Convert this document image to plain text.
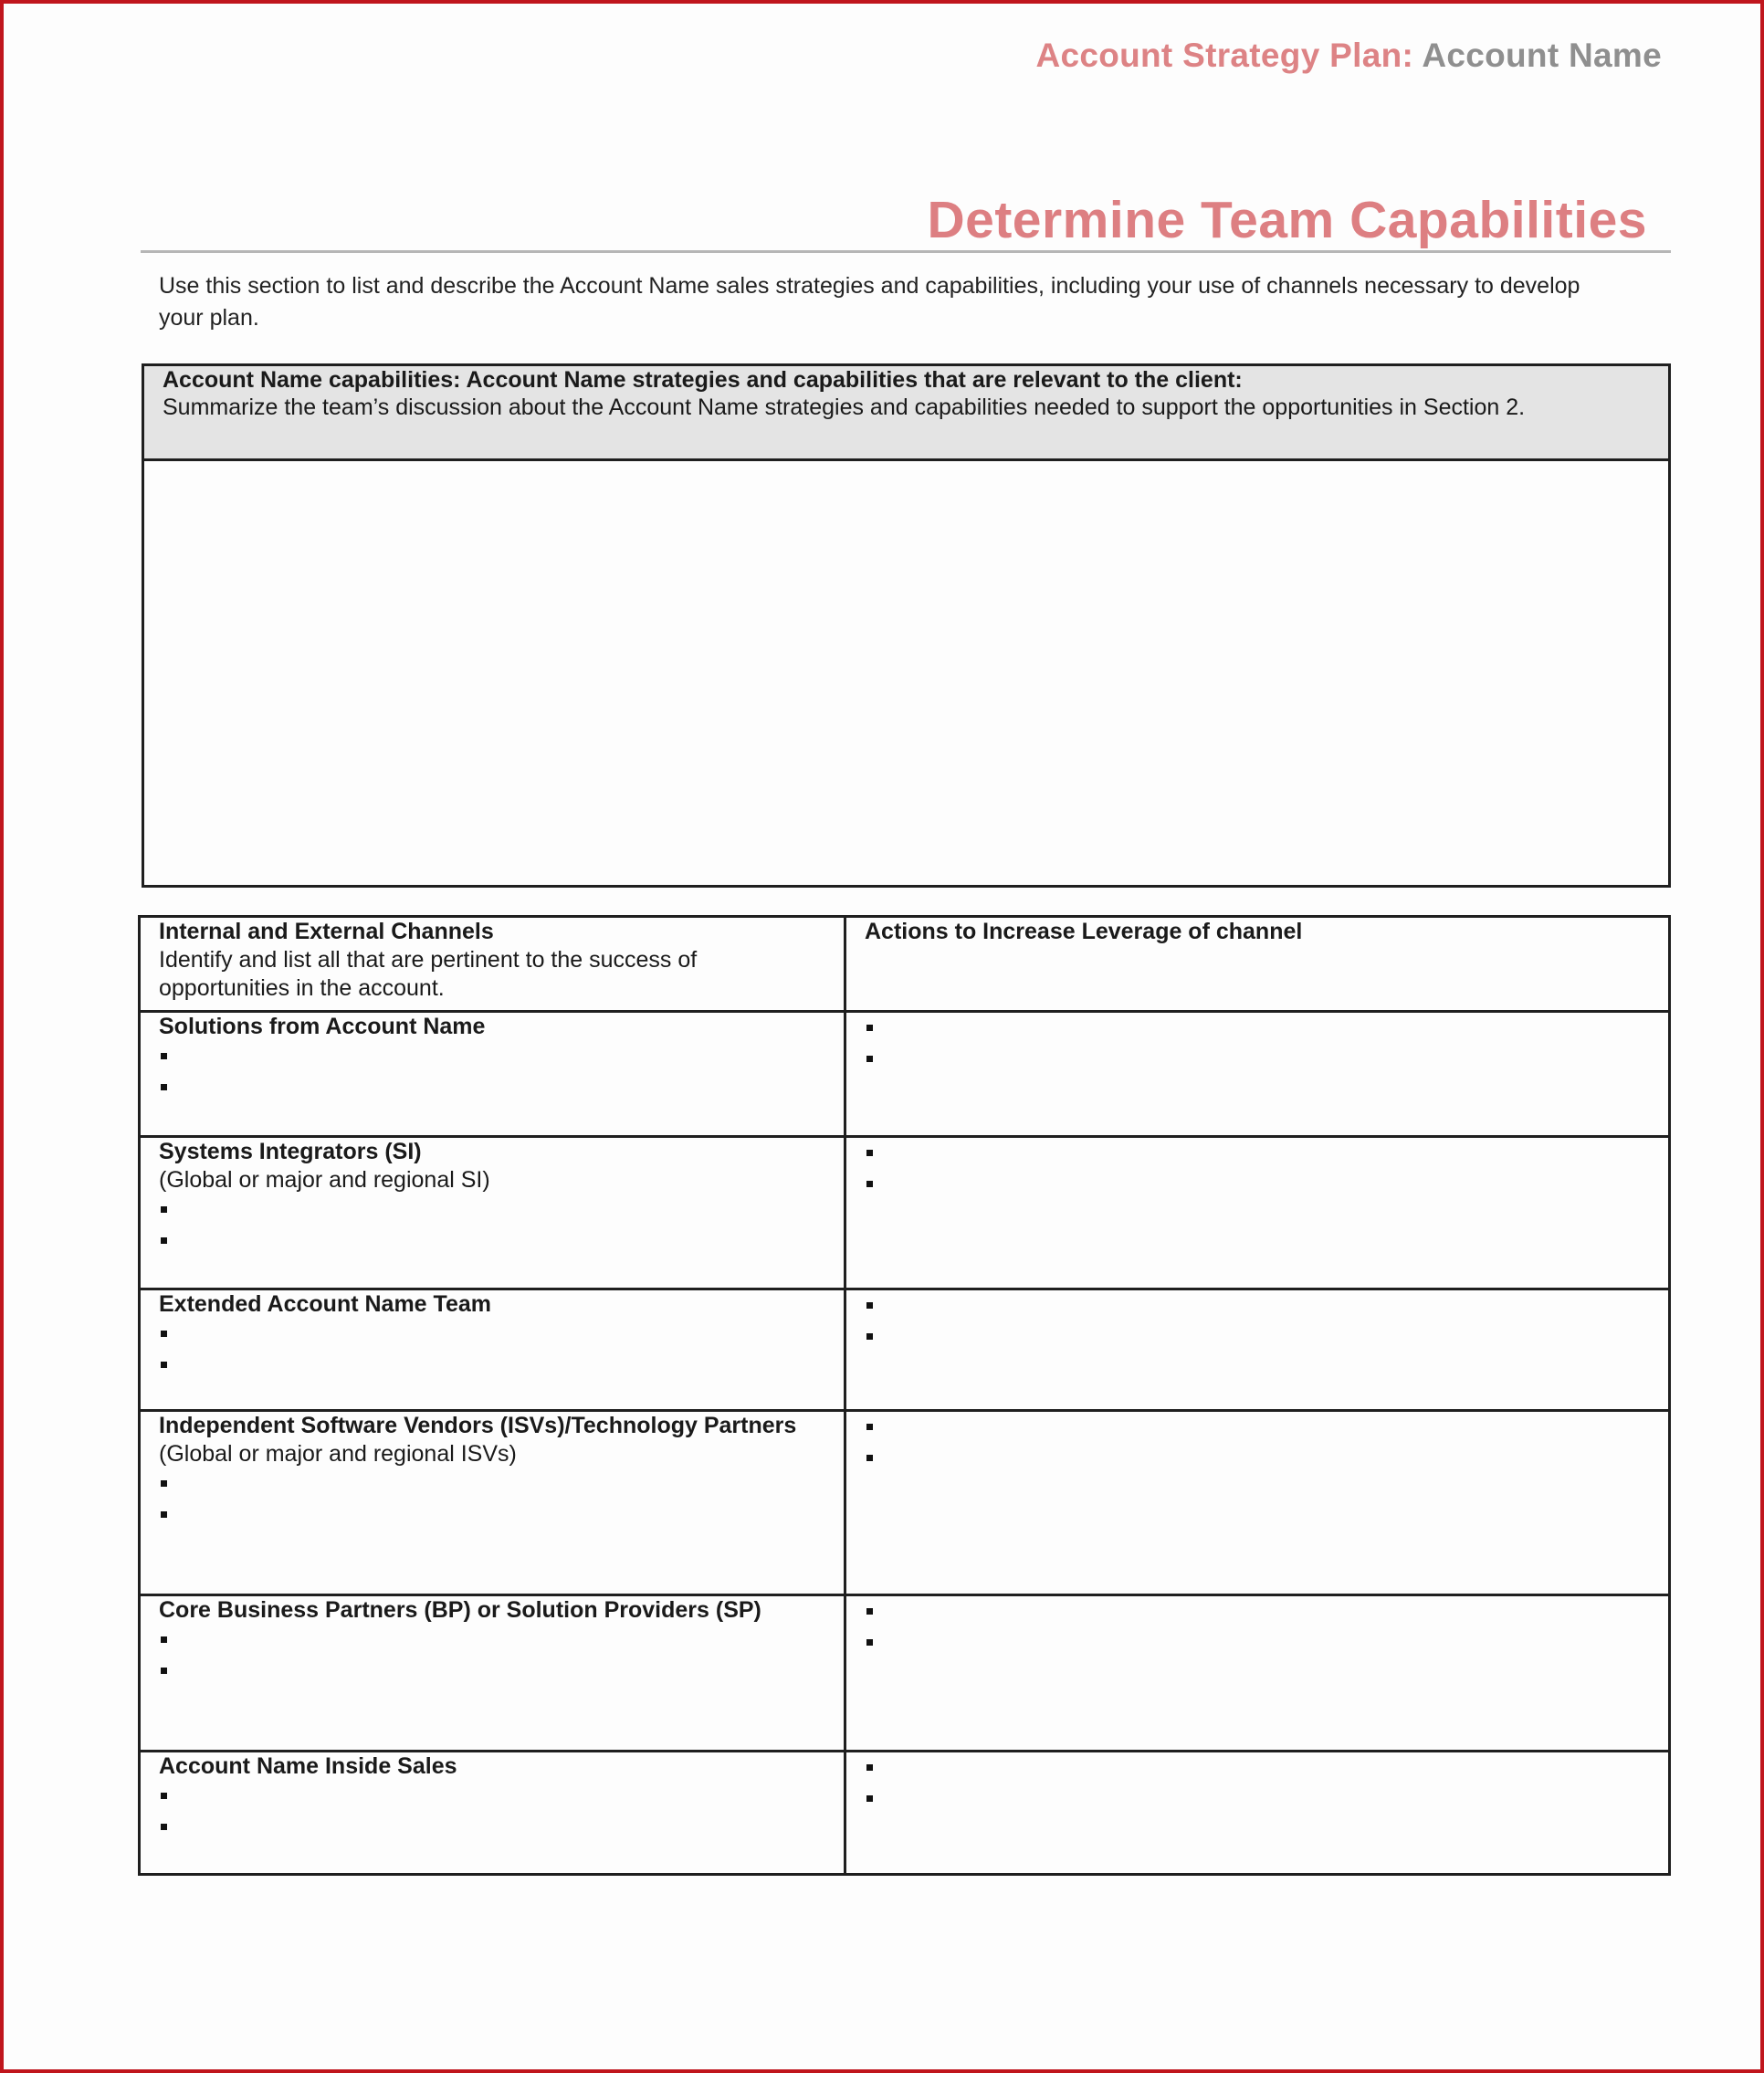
Account Strategy Plan: Account Name
Determine Team Capabilities
Use this section to list and describe the Account Name sales strategies and capabilities, including your use of channels necessary to develop your plan.
Account Name capabilities: Account Name strategies and capabilities that are relevant to the client:
Summarize the team’s discussion about the Account Name strategies and capabilities needed to support the opportunities in Section 2.
Internal and External Channels
Identify and list all that are pertinent to the success of opportunities in the account.	Actions to Increase Leverage of channel

Solutions from Account Name	

Systems Integrators (SI)
(Global or major and regional SI)	

Extended Account Name Team	

Independent Software Vendors (ISVs)/Technology Partners
(Global or major and regional ISVs)	

Core Business Partners (BP) or Solution Providers (SP)	

Account Name Inside Sales	
